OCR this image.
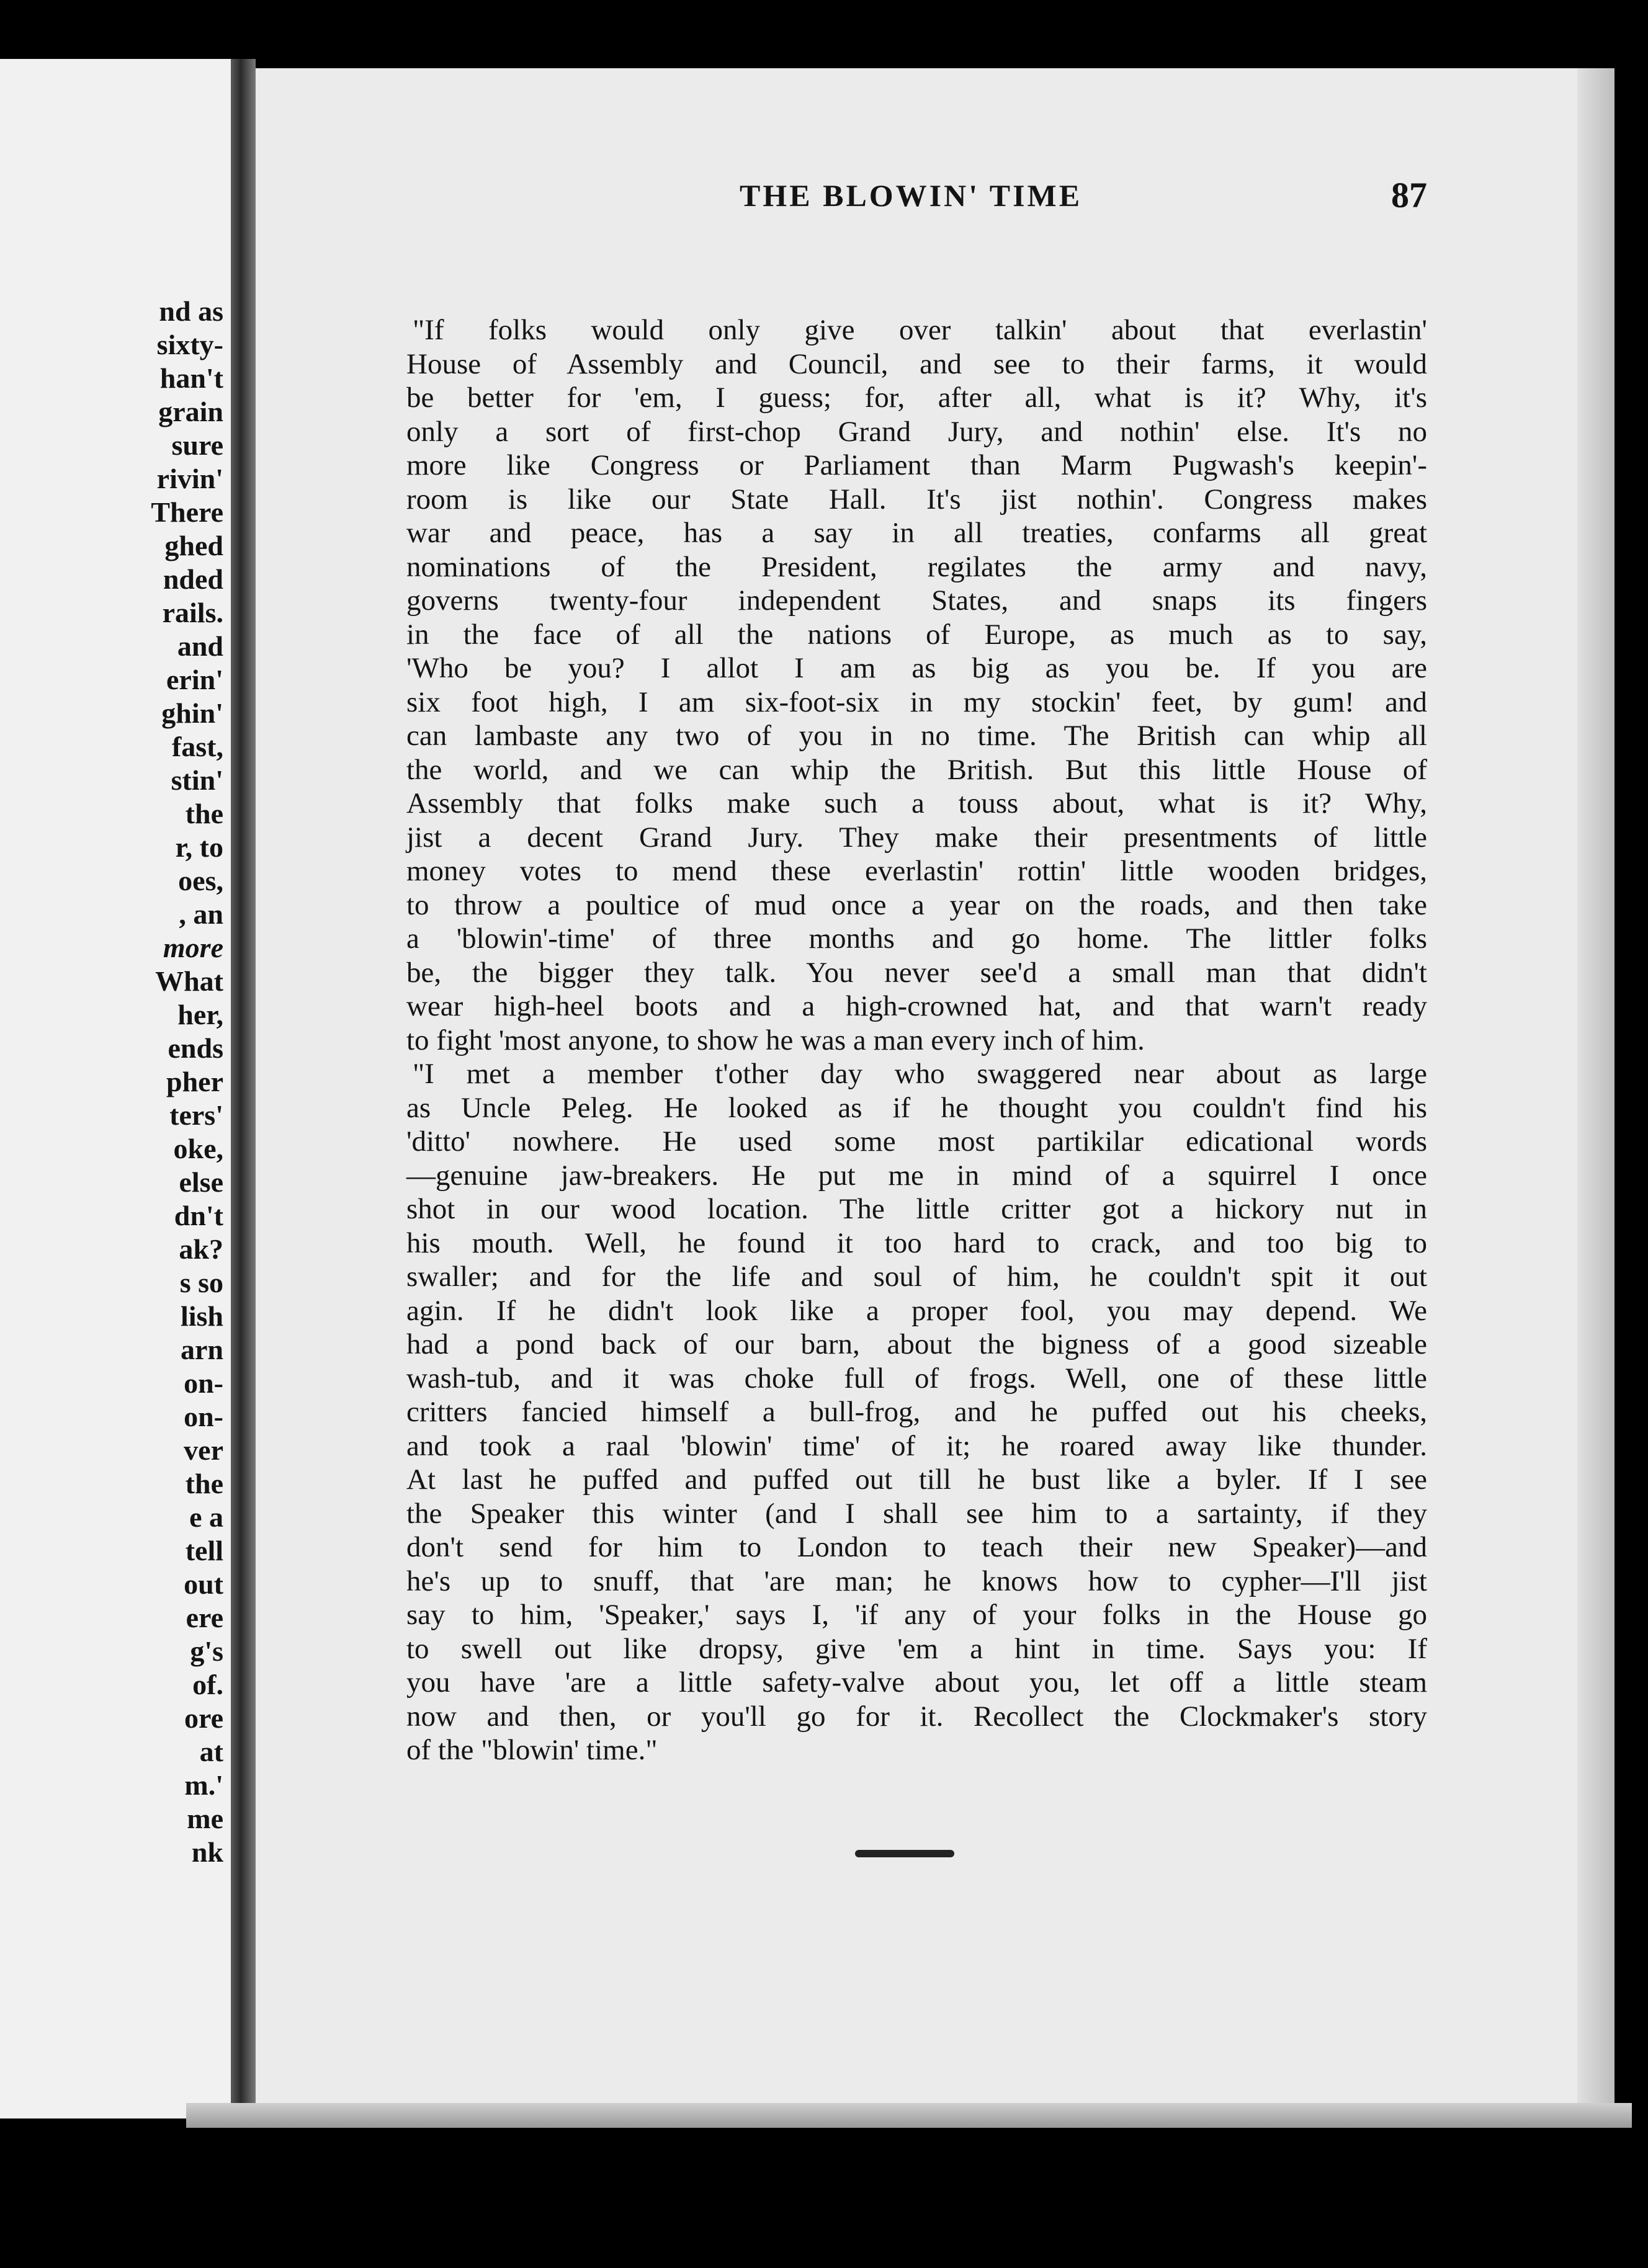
nd as
sixty-
han't
grain
sure
rivin'
There
ghed
nded
rails.
and
erin'
ghin'
fast,
stin'
the
r, to
oes,
, an
more
What
her,
ends
pher
ters'
oke,
else
dn't
ak?
s so
lish
arn
on-
on-
ver
the
e a
tell
out
ere
g's
of.
ore
at
m.'
me
nk
THE BLOWIN' TIME	87
"If folks would only give over talkin' about that everlastin'
House of Assembly and Council, and see to their farms, it would
be better for 'em, I guess; for, after all, what is it? Why, it's
only a sort of first-chop Grand Jury, and nothin' else. It's no
more like Congress or Parliament than Marm Pugwash's keepin'-
room is like our State Hall. It's jist nothin'. Congress makes
war and peace, has a say in all treaties, confarms all great
nominations of the President, regilates the army and navy,
governs twenty-four independent States, and snaps its fingers
in the face of all the nations of Europe, as much as to say,
'Who be you? I allot I am as big as you be. If you are
six foot high, I am six-foot-six in my stockin' feet, by gum! and
can lambaste any two of you in no time. The British can whip all
the world, and we can whip the British. But this little House of
Assembly that folks make such a touss about, what is it? Why,
jist a decent Grand Jury. They make their presentments of little
money votes to mend these everlastin' rottin' little wooden bridges,
to throw a poultice of mud once a year on the roads, and then take
a 'blowin'-time' of three months and go home. The littler folks
be, the bigger they talk. You never see'd a small man that didn't
wear high-heel boots and a high-crowned hat, and that warn't ready
to fight 'most anyone, to show he was a man every inch of him.
"I met a member t'other day who swaggered near about as large
as Uncle Peleg. He looked as if he thought you couldn't find his
'ditto' nowhere. He used some most partikilar edicational words
—genuine jaw-breakers. He put me in mind of a squirrel I once
shot in our wood location. The little critter got a hickory nut in
his mouth. Well, he found it too hard to crack, and too big to
swaller; and for the life and soul of him, he couldn't spit it out
agin. If he didn't look like a proper fool, you may depend. We
had a pond back of our barn, about the bigness of a good sizeable
wash-tub, and it was choke full of frogs. Well, one of these little
critters fancied himself a bull-frog, and he puffed out his cheeks,
and took a raal 'blowin' time' of it; he roared away like thunder.
At last he puffed and puffed out till he bust like a byler. If I see
the Speaker this winter (and I shall see him to a sartainty, if they
don't send for him to London to teach their new Speaker)—and
he's up to snuff, that 'are man; he knows how to cypher—I'll jist
say to him, 'Speaker,' says I, 'if any of your folks in the House go
to swell out like dropsy, give 'em a hint in time. Says you: If
you have 'are a little safety-valve about you, let off a little steam
now and then, or you'll go for it. Recollect the Clockmaker's story
of the "blowin' time."
